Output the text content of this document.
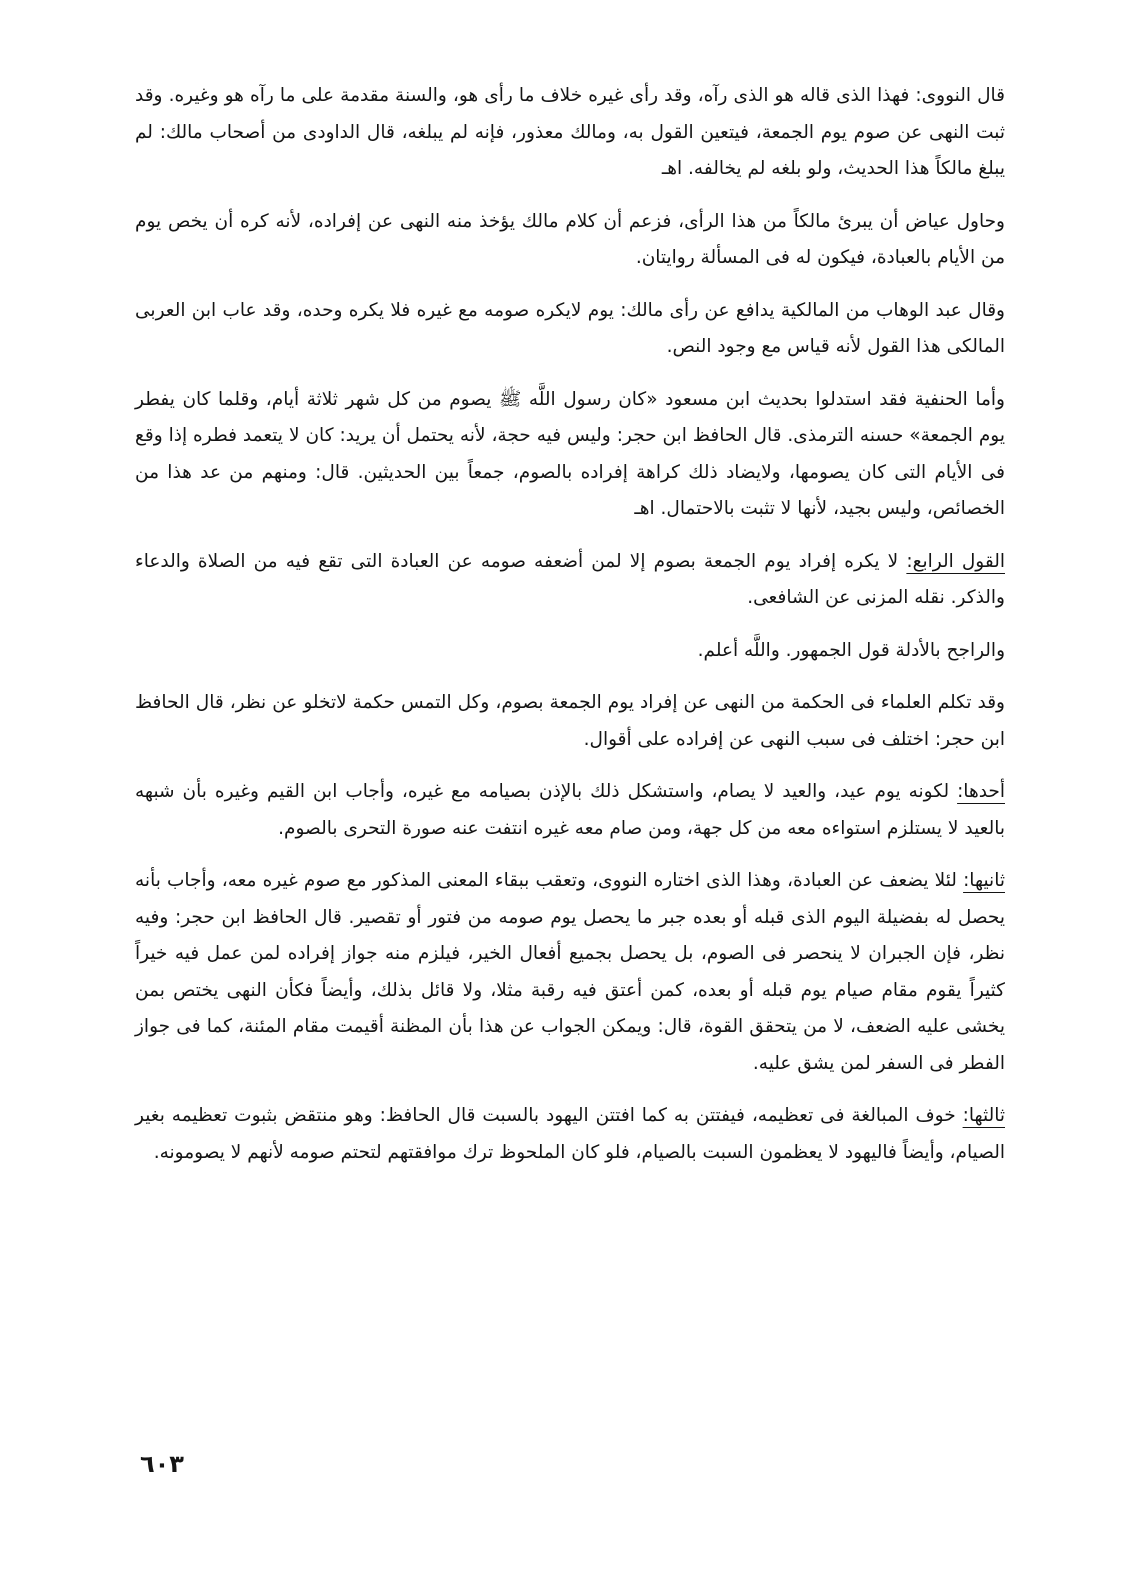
قال النووى: فهذا الذى قاله هو الذى رآه، وقد رأى غيره خلاف ما رأى هو، والسنة مقدمة على ما رآه هو وغيره. وقد ثبت النهى عن صوم يوم الجمعة، فيتعين القول به، ومالك معذور، فإنه لم يبلغه، قال الداودى من أصحاب مالك: لم يبلغ مالكاً هذا الحديث، ولو بلغه لم يخالفه. اهـ

وحاول عياض أن يبرئ مالكاً من هذا الرأى، فزعم أن كلام مالك يؤخذ منه النهى عن إفراده، لأنه كره أن يخص يوم من الأيام بالعبادة، فيكون له فى المسألة روايتان.

وقال عبد الوهاب من المالكية يدافع عن رأى مالك: يوم لايكره صومه مع غيره فلا يكره وحده، وقد عاب ابن العربى المالكى هذا القول لأنه قياس مع وجود النص.

وأما الحنفية فقد استدلوا بحديث ابن مسعود «كان رسول اللَّه ﷺ يصوم من كل شهر ثلاثة أيام، وقلما كان يفطر يوم الجمعة» حسنه الترمذى. قال الحافظ ابن حجر: وليس فيه حجة، لأنه يحتمل أن يريد: كان لا يتعمد فطره إذا وقع فى الأيام التى كان يصومها، ولايضاد ذلك كراهة إفراده بالصوم، جمعاً بين الحديثين. قال: ومنهم من عد هذا من الخصائص، وليس بجيد، لأنها لا تثبت بالاحتمال. اهـ

القول الرابع: لا يكره إفراد يوم الجمعة بصوم إلا لمن أضعفه صومه عن العبادة التى تقع فيه من الصلاة والدعاء والذكر. نقله المزنى عن الشافعى.

والراجح بالأدلة قول الجمهور. واللَّه أعلم.

وقد تكلم العلماء فى الحكمة من النهى عن إفراد يوم الجمعة بصوم، وكل التمس حكمة لاتخلو عن نظر، قال الحافظ ابن حجر: اختلف فى سبب النهى عن إفراده على أقوال.

أحدها: لكونه يوم عيد، والعيد لا يصام، واستشكل ذلك بالإذن بصيامه مع غيره، وأجاب ابن القيم وغيره بأن شبهه بالعيد لا يستلزم استواءه معه من كل جهة، ومن صام معه غيره انتفت عنه صورة التحرى بالصوم.

ثانيها: لئلا يضعف عن العبادة، وهذا الذى اختاره النووى، وتعقب ببقاء المعنى المذكور مع صوم غيره معه، وأجاب بأنه يحصل له بفضيلة اليوم الذى قبله أو بعده جبر ما يحصل يوم صومه من فتور أو تقصير. قال الحافظ ابن حجر: وفيه نظر، فإن الجبران لا ينحصر فى الصوم، بل يحصل بجميع أفعال الخير، فيلزم منه جواز إفراده لمن عمل فيه خيراً كثيراً يقوم مقام صيام يوم قبله أو بعده، كمن أعتق فيه رقبة مثلا، ولا قائل بذلك، وأيضاً فكأن النهى يختص بمن يخشى عليه الضعف، لا من يتحقق القوة، قال: ويمكن الجواب عن هذا بأن المظنة أقيمت مقام المئنة، كما فى جواز الفطر فى السفر لمن يشق عليه.

ثالثها: خوف المبالغة فى تعظيمه، فيفتتن به كما افتتن اليهود بالسبت قال الحافظ: وهو منتقض بثبوت تعظيمه بغير الصيام، وأيضاً فاليهود لا يعظمون السبت بالصيام، فلو كان الملحوظ ترك موافقتهم لتحتم صومه لأنهم لا يصومونه.

٦٠٣
